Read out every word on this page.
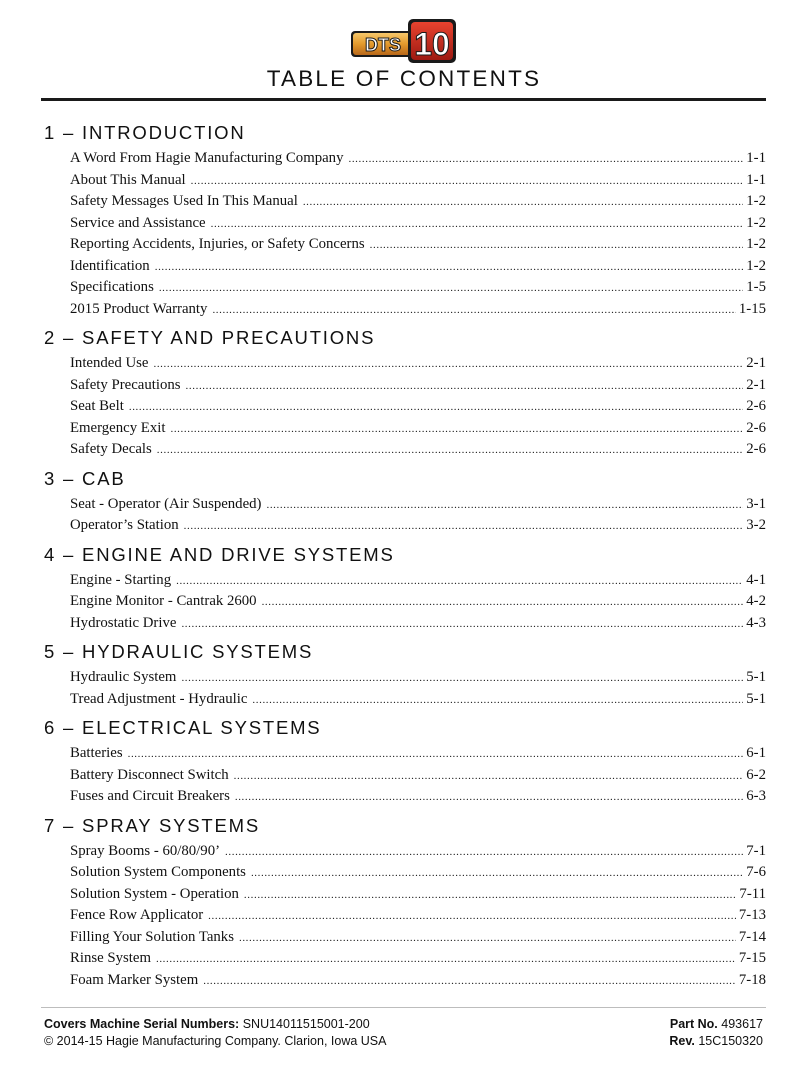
DTS 10
TABLE OF CONTENTS
1 – INTRODUCTION
A Word From Hagie Manufacturing Company .....	1-1
About This Manual .....	1-1
Safety Messages Used In This Manual .....	1-2
Service and Assistance .....	1-2
Reporting Accidents, Injuries, or Safety Concerns .....	1-2
Identification .....	1-2
Specifications .....	1-5
2015 Product Warranty .....	1-15
2 – SAFETY AND PRECAUTIONS
Intended Use .....	2-1
Safety Precautions .....	2-1
Seat Belt .....	2-6
Emergency Exit .....	2-6
Safety Decals .....	2-6
3 – CAB
Seat - Operator (Air Suspended) .....	3-1
Operator’s Station .....	3-2
4 – ENGINE AND DRIVE SYSTEMS
Engine - Starting .....	4-1
Engine Monitor - Cantrak 2600 .....	4-2
Hydrostatic Drive .....	4-3
5 – HYDRAULIC SYSTEMS
Hydraulic System .....	5-1
Tread Adjustment - Hydraulic .....	5-1
6 – ELECTRICAL SYSTEMS
Batteries .....	6-1
Battery Disconnect Switch .....	6-2
Fuses and Circuit Breakers .....	6-3
7 – SPRAY SYSTEMS
Spray Booms - 60/80/90’ .....	7-1
Solution System Components .....	7-6
Solution System - Operation .....	7-11
Fence Row Applicator .....	7-13
Filling Your Solution Tanks .....	7-14
Rinse System .....	7-15
Foam Marker System .....	7-18
Covers Machine Serial Numbers: SNU14011515001-200	Part No. 493617
© 2014-15 Hagie Manufacturing Company. Clarion, Iowa USA	Rev. 15C150320
